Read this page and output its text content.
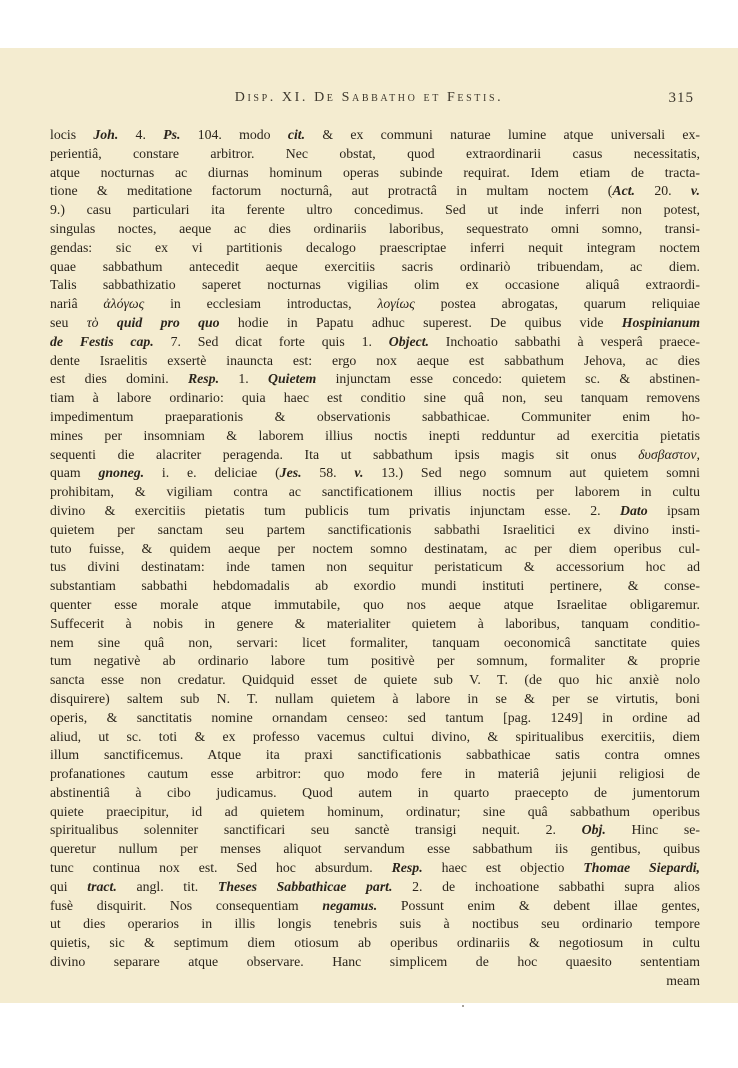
Disp. XI. De Sabbatho et Festis.	315
locis Joh. 4. Ps. 104. modo cit. & ex communi naturae lumine atque universali ex-
perientiâ, constare arbitror. Nec obstat, quod extraordinarii casus necessitatis,
atque nocturnas ac diurnas hominum operas subinde requirat. Idem etiam de tracta-
tione & meditatione factorum nocturnâ, aut protractâ in multam noctem (Act. 20. v.
9.) casu particulari ita ferente ultro concedimus. Sed ut inde inferri non potest,
singulas noctes, aeque ac dies ordinariis laboribus, sequestrato omni somno, transi-
gendas: sic ex vi partitionis decalogo praescriptae inferri nequit integram noctem
quae sabbathum antecedit aeque exercitiis sacris ordinariò tribuendam, ac diem.
Talis sabbathizatio saperet nocturnas vigilias olim ex occasione aliquâ extraordi-
nariâ ἀλόγως in ecclesiam introductas, λογίως postea abrogatas, quarum reliquiae
seu τὸ quid pro quo hodie in Papatu adhuc superest. De quibus vide Hospinianum
de Festis cap. 7. Sed dicat forte quis 1. Object. Inchoatio sabbathi à vesperâ praece-
dente Israelitis exsertè inauncta est: ergo nox aeque est sabbathum Jehova, ac dies
est dies domini. Resp. 1. Quietem injunctam esse concedo: quietem sc. & abstinen-
tiam à labore ordinario: quia haec est conditio sine quâ non, seu tanquam removens
impedimentum praeparationis & observationis sabbathicae. Communiter enim ho-
mines per insomniam & laborem illius noctis inepti redduntur ad exercitia pietatis
sequenti die alacriter peragenda. Ita ut sabbathum ipsis magis sit onus δυσβαστον,
quam gnoneg. i. e. deliciae (Jes. 58. v. 13.) Sed nego somnum aut quietem somni
prohibitam, & vigiliam contra ac sanctificationem illius noctis per laborem in cultu
divino & exercitiis pietatis tum publicis tum privatis injunctam esse. 2. Dato ipsam
quietem per sanctam seu partem sanctificationis sabbathi Israelitici ex divino insti-
tuto fuisse, & quidem aeque per noctem somno destinatam, ac per diem operibus cul-
tus divini destinatam: inde tamen non sequitur peristaticum & accessorium hoc ad
substantiam sabbathi hebdomadalis ab exordio mundi instituti pertinere, & conse-
quenter esse morale atque immutabile, quo nos aeque atque Israelitae obligaremur.
Suffecerit à nobis in genere & materialiter quietem à laboribus, tanquam conditio-
nem sine quâ non, servari: licet formaliter, tanquam oeconomicâ sanctitate quies
tum negativè ab ordinario labore tum positivè per somnum, formaliter & proprie
sancta esse non credatur. Quidquid esset de quiete sub V. T. (de quo hic anxiè nolo
disquirere) saltem sub N. T. nullam quietem à labore in se & per se virtutis, boni
operis, & sanctitatis nomine ornandam censeo: sed tantum [pag. 1249] in ordine ad
aliud, ut sc. toti & ex professo vacemus cultui divino, & spiritualibus exercitiis, diem
illum sanctificemus. Atque ita praxi sanctificationis sabbathicae satis contra omnes
profanationes cautum esse arbitror: quo modo fere in materiâ jejunii religiosi de
abstinentiâ à cibo judicamus. Quod autem in quarto praecepto de jumentorum
quiete praecipitur, id ad quietem hominum, ordinatur; sine quâ sabbathum operibus
spiritualibus solenniter sanctificari seu sanctè transigi nequit. 2. Obj. Hinc se-
queretur nullum per menses aliquot servandum esse sabbathum iis gentibus, quibus
tunc continua nox est. Sed hoc absurdum. Resp. haec est objectio Thomae Siepardi,
qui tract. angl. tit. Theses Sabbathicae part. 2. de inchoatione sabbathi supra alios
fusè disquirit. Nos consequentiam negamus. Possunt enim & debent illae gentes,
ut dies operarios in illis longis tenebris suis à noctibus seu ordinario tempore
quietis, sic & septimum diem otiosum ab operibus ordinariis & negotiosum in cultu
divino separare atque observare. Hanc simplicem de hoc quaesito sententiam
meam
